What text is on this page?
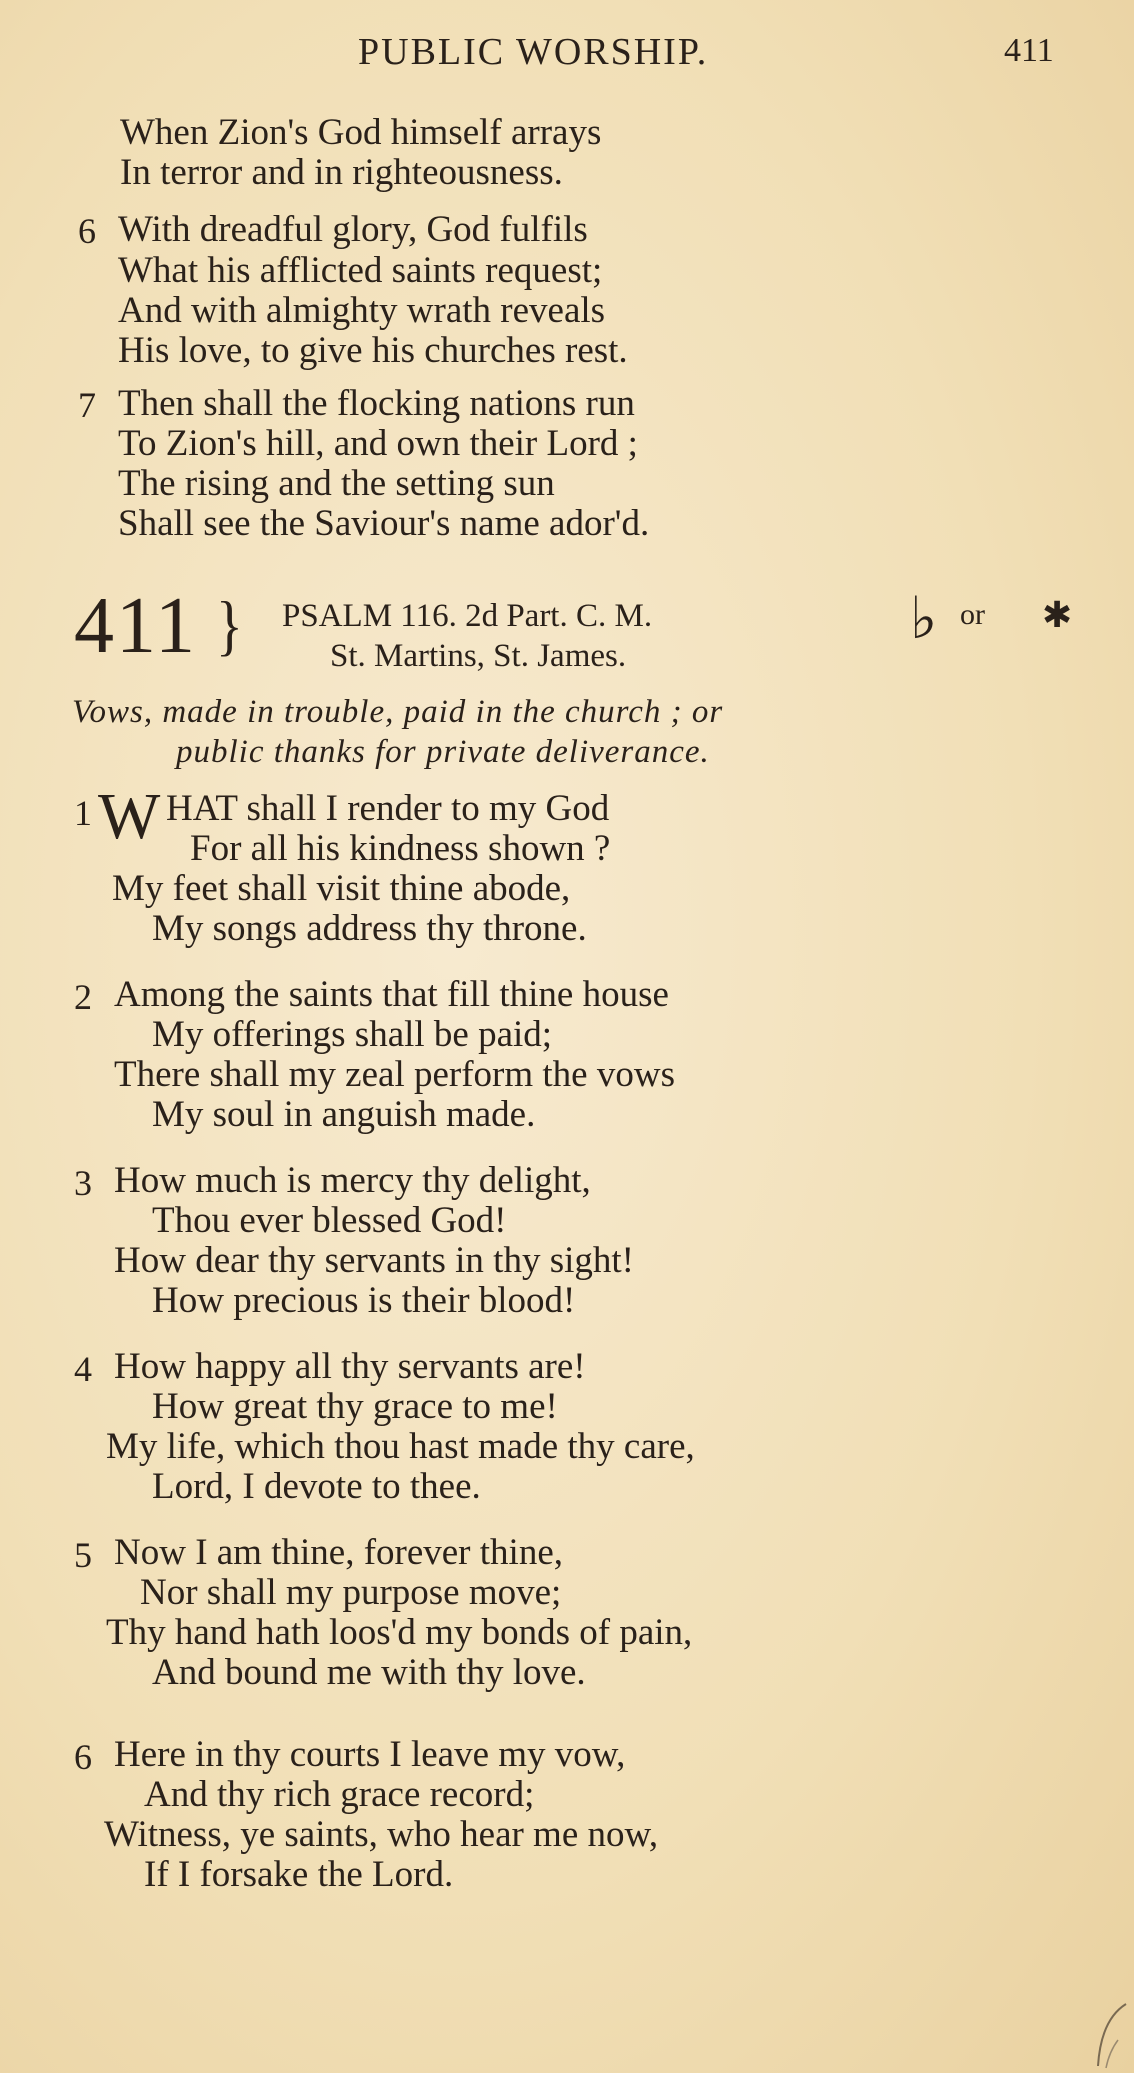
PUBLIC WORSHIP.	411
When Zion's God himself arrays
In terror and in righteousness.
6 With dreadful glory, God fulfils
What his afflicted saints request;
And with almighty wrath reveals
His love, to give his churches rest.
7 Then shall the flocking nations run
To Zion's hill, and own their Lord ;
The rising and the setting sun
Shall see the Saviour's name ador'd.
411 } PSALM 116. 2d Part. C. M.
St. Martins, St. James.
♭ or ✱
Vows, made in trouble, paid in the church ; or
public thanks for private deliverance.
1 W HAT shall I render to my God
For all his kindness shown ?
My feet shall visit thine abode,
My songs address thy throne.
2 Among the saints that fill thine house
My offerings shall be paid;
There shall my zeal perform the vows
My soul in anguish made.
3 How much is mercy thy delight,
Thou ever blessed God!
How dear thy servants in thy sight!
How precious is their blood!
4 How happy all thy servants are!
How great thy grace to me!
My life, which thou hast made thy care,
Lord, I devote to thee.
5 Now I am thine, forever thine,
Nor shall my purpose move;
Thy hand hath loos'd my bonds of pain,
And bound me with thy love.
6 Here in thy courts I leave my vow,
And thy rich grace record;
Witness, ye saints, who hear me now,
If I forsake the Lord.
